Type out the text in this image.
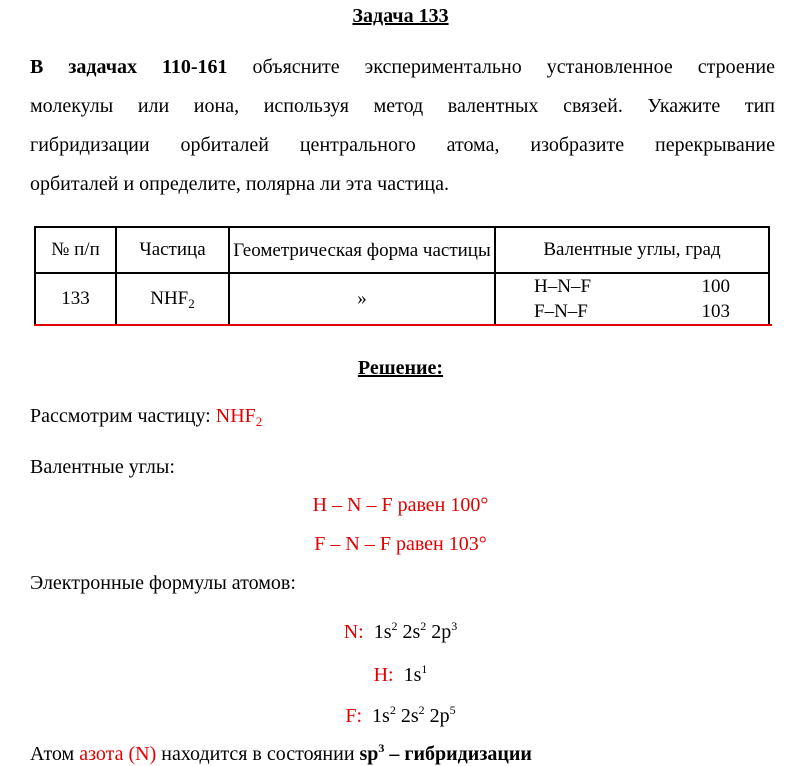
Задача 133
В задачах 110-161 объясните экспериментально установленное строение
молекулы или иона, используя метод валентных связей. Укажите тип
гибридизации орбиталей центрального атома, изобразите перекрывание
орбиталей и определите, полярна ли эта частица.
№ п/п	Частица	Геометрическая форма частицы	Валентные углы, град
133	$NHF_2$	»	H–N–F 100
F–N–F 103
Решение:
Рассмотрим частицу: $NHF_2$
Валентные углы:
H – N – F равен 100°
F – N – F равен 103°
Электронные формулы атомов:
N: $1s^2$ $2s^2$ $2p^3$
H: $1s^1$
F: $1s^2$ $2s^2$ $2p^5$
Атом азота (N) находится в состоянии $sp^3$ – гибридизации
